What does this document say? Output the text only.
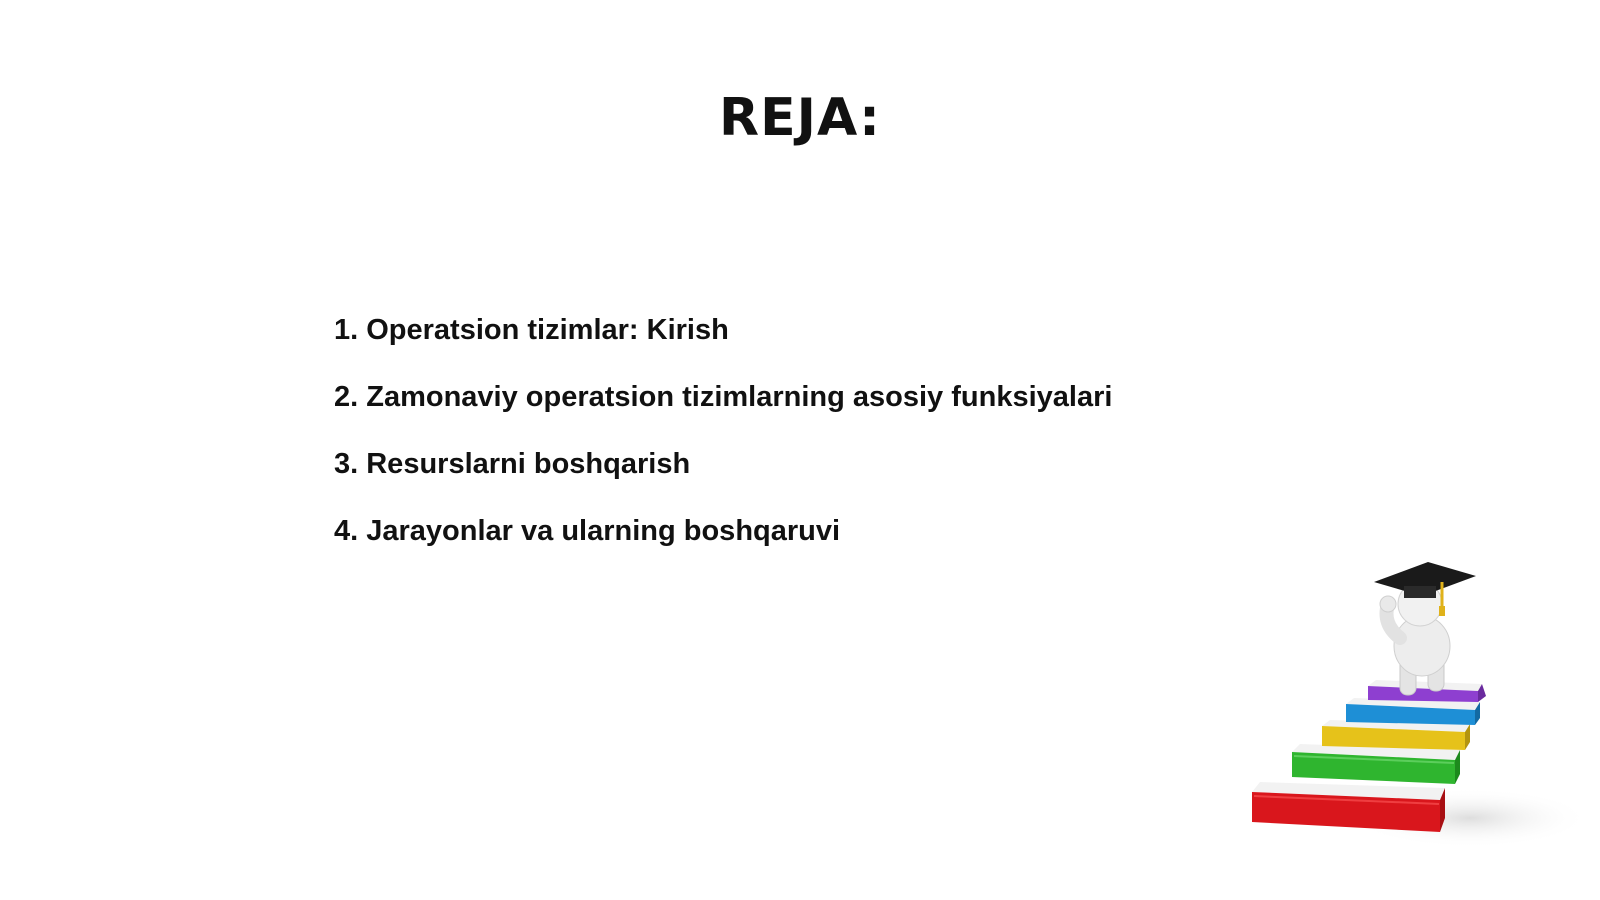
REJA:
1. Operatsion tizimlar: Kirish
2. Zamonaviy operatsion tizimlarning asosiy funksiyalari
3. Resurslarni boshqarish
4. Jarayonlar va ularning boshqaruvi
